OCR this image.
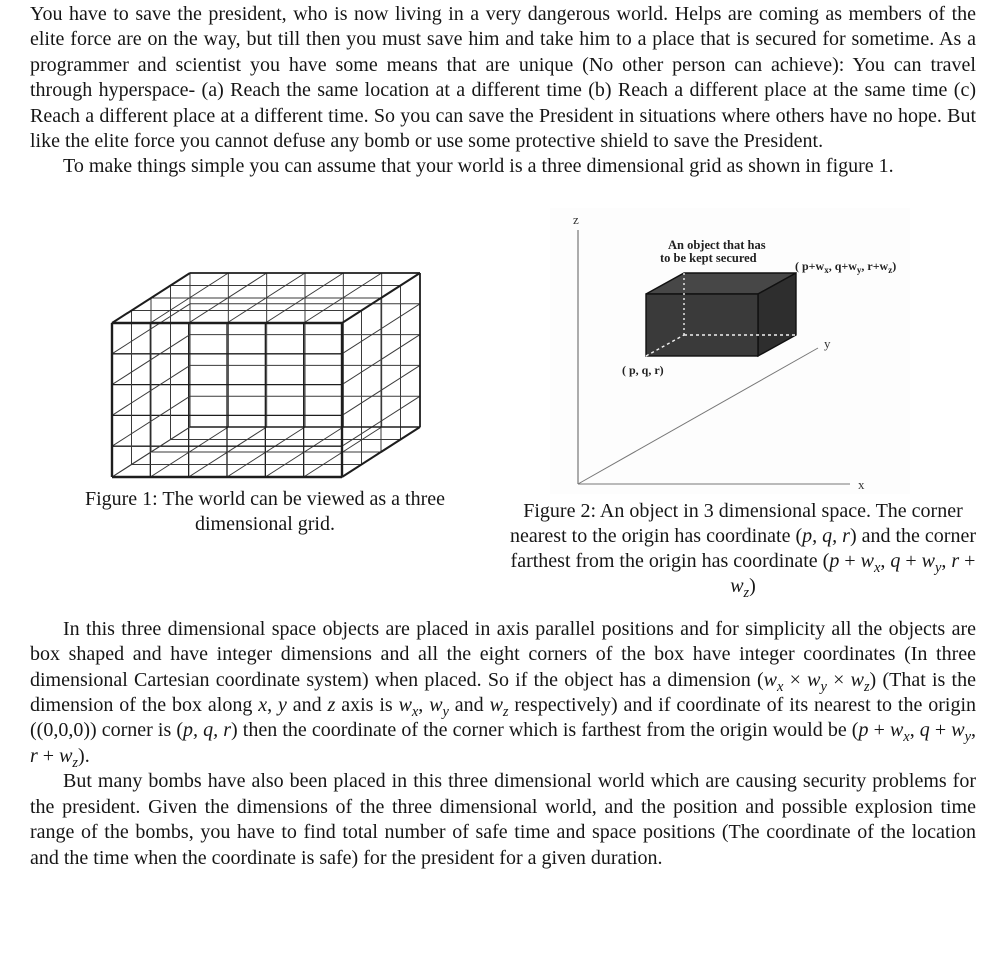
You have to save the president, who is now living in a very dangerous world. Helps are coming as members of the elite force are on the way, but till then you must save him and take him to a place that is secured for sometime. As a programmer and scientist you have some means that are unique (No other person can achieve): You can travel through hyperspace- (a) Reach the same location at a different time (b) Reach a different place at the same time (c) Reach a different place at a different time. So you can save the President in situations where others have no hope. But like the elite force you cannot defuse any bomb or use some protective shield to save the President.

To make things simple you can assume that your world is a three dimensional grid as shown in figure 1.

Figure 1: The world can be viewed as a three dimensional grid.
z
y
x
An object that has
to be kept secured
( $p+w_x$, $q+w_y$, $r+w_z$)
( p, q, r)
Figure 2: An object in 3 dimensional space. The corner nearest to the origin has coordinate (p, q, r) and the corner farthest from the origin has coordinate ($p + w_x$, $q + w_y$, $r + w_z$)

In this three dimensional space objects are placed in axis parallel positions and for simplicity all the objects are box shaped and have integer dimensions and all the eight corners of the box have integer coordinates (In three dimensional Cartesian coordinate system) when placed. So if the object has a dimension $(w_x \times w_y \times w_z)$ (That is the dimension of the box along x, y and z axis is $w_x$, $w_y$ and $w_z$ respectively) and if coordinate of its nearest to the origin ((0,0,0)) corner is (p, q, r) then the coordinate of the corner which is farthest from the origin would be ($p + w_x$, $q + w_y$, $r + w_z$).

But many bombs have also been placed in this three dimensional world which are causing security problems for the president. Given the dimensions of the three dimensional world, and the position and possible explosion time range of the bombs, you have to find total number of safe time and space positions (The coordinate of the location and the time when the coordinate is safe) for the president for a given duration.
